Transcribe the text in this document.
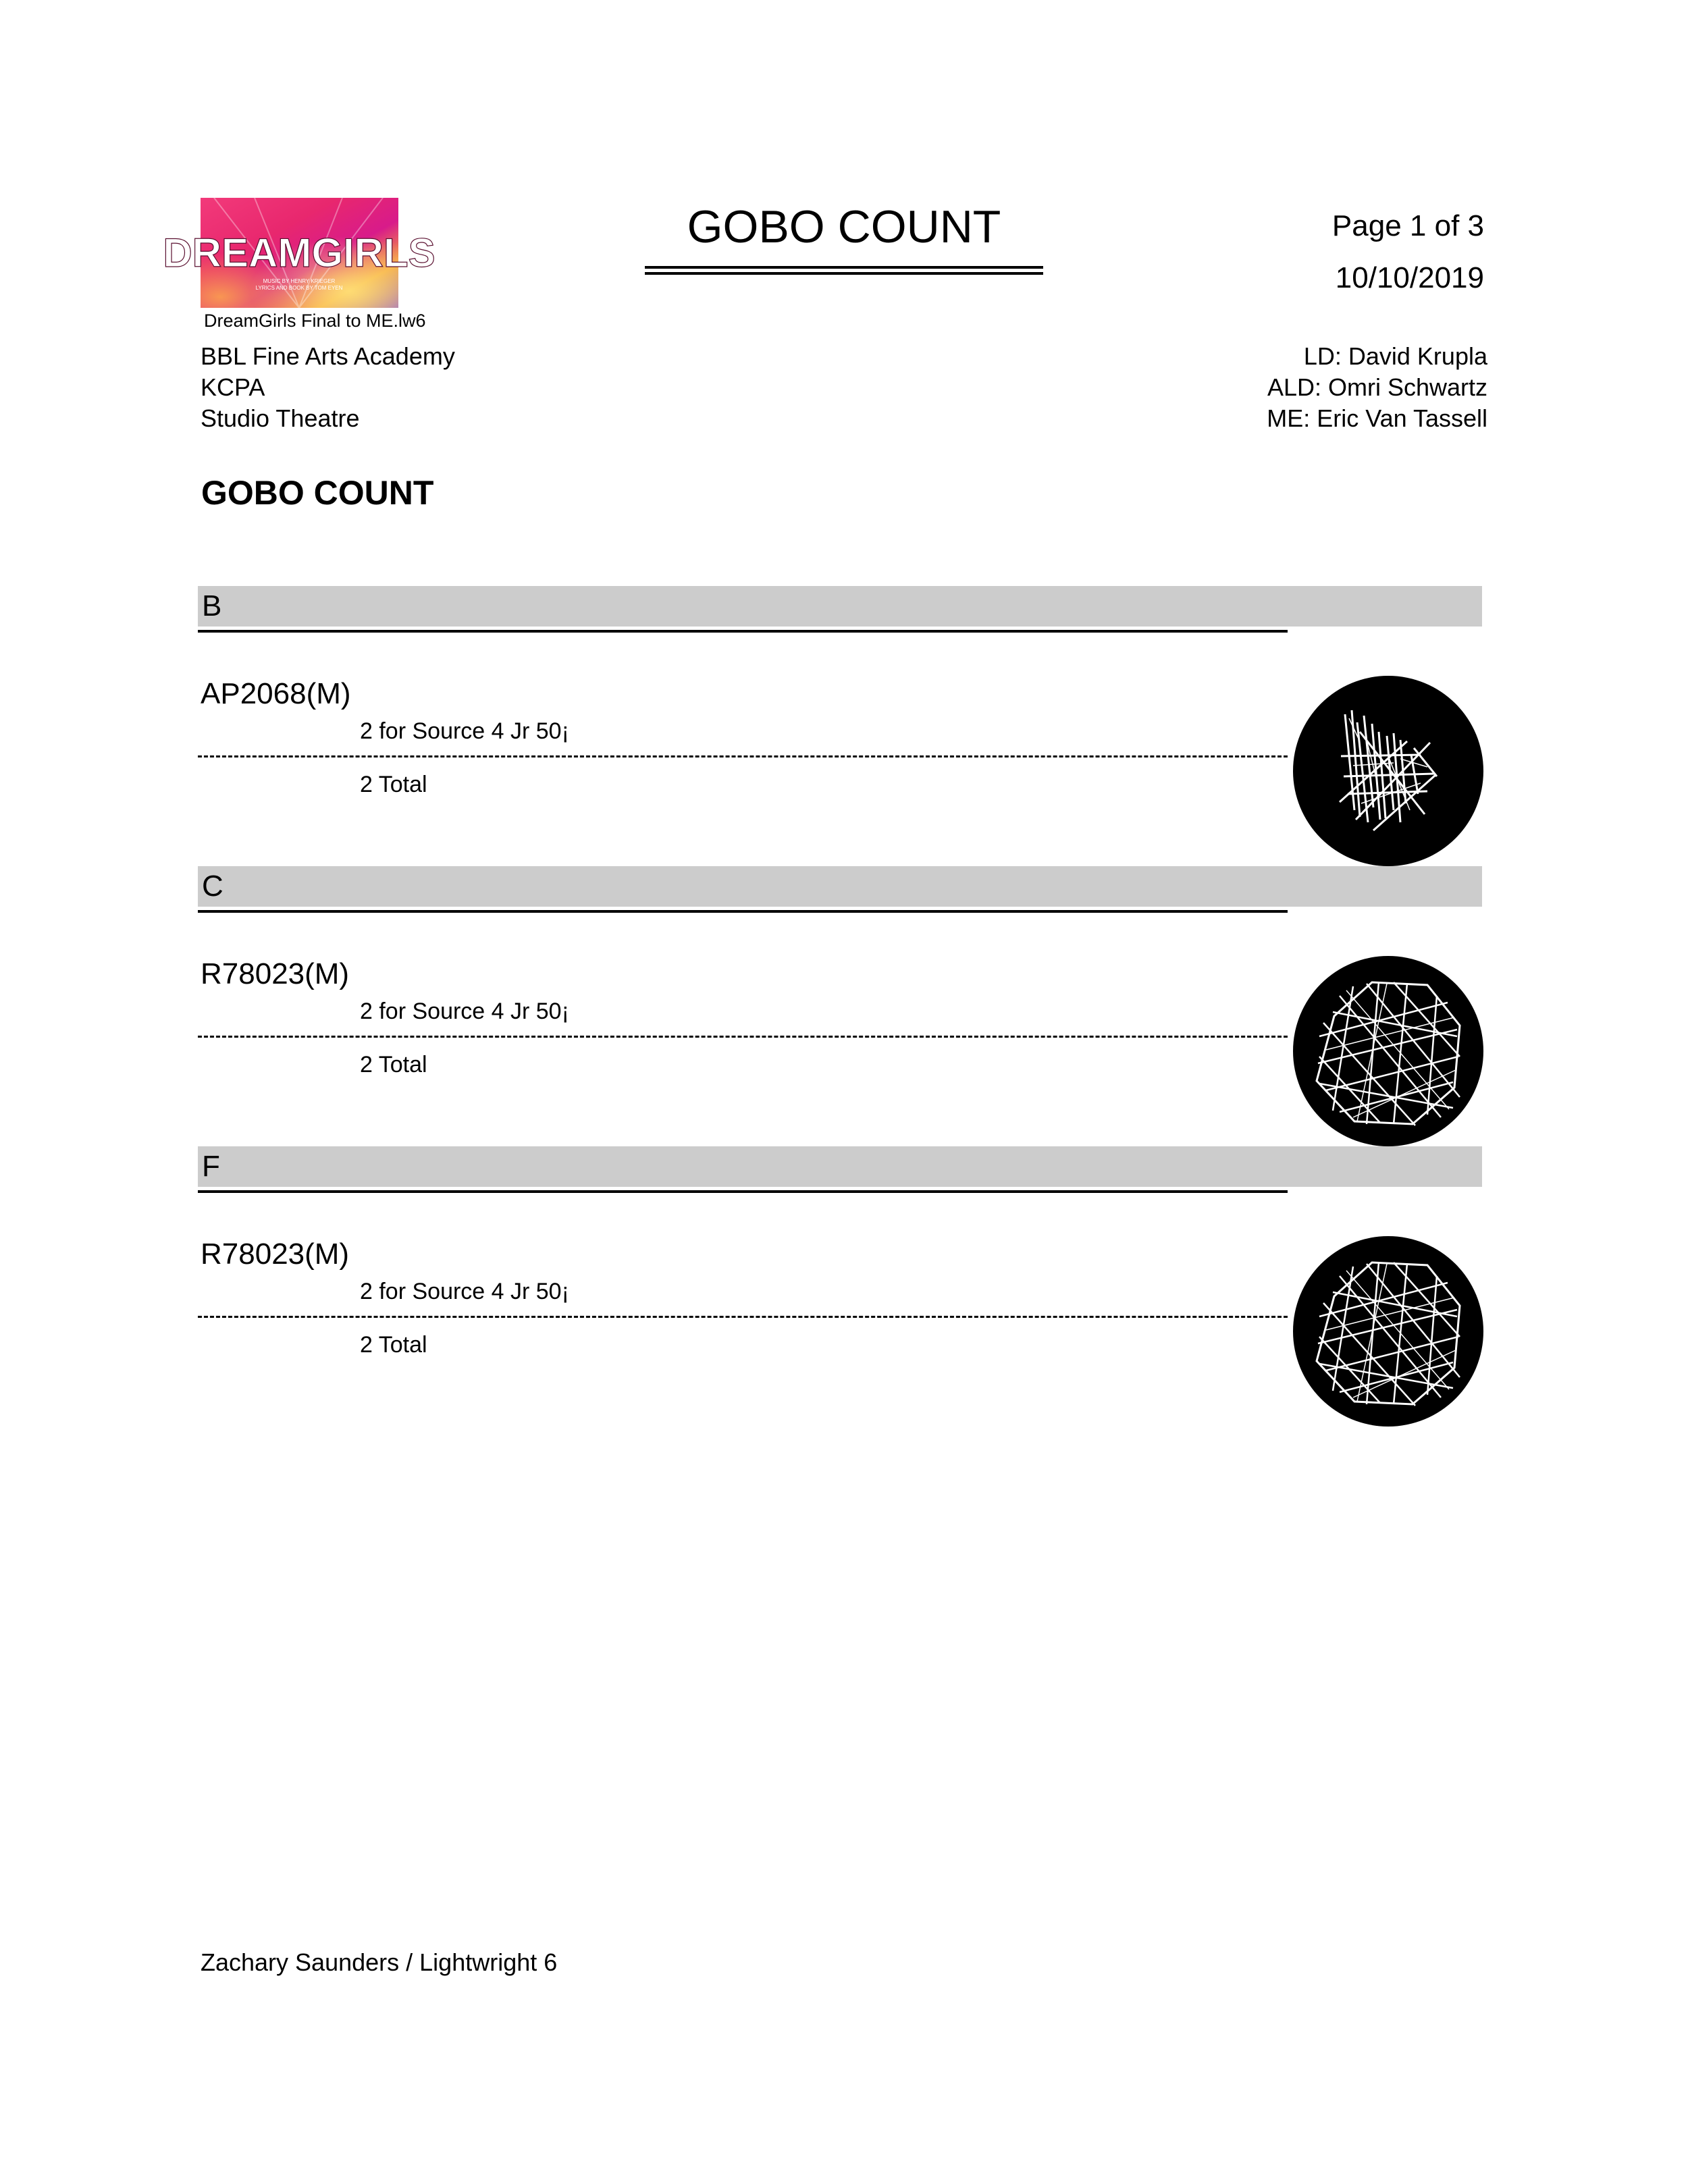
DREAMGIRLS
MUSIC BY HENRY KRIEGER
LYRICS AND BOOK BY TOM EYEN
DreamGirls Final to ME.lw6
GOBO COUNT	Page 1 of 3
10/10/2019
BBL Fine Arts Academy
KCPA
Studio Theatre
LD: David Krupla
ALD: Omri Schwartz
ME: Eric Van Tassell
GOBO COUNT
B
AP2068(M)
2 for Source 4 Jr 50¡
2 Total
C
R78023(M)
2 for Source 4 Jr 50¡
2 Total
F
R78023(M)
2 for Source 4 Jr 50¡
2 Total
Zachary Saunders / Lightwright 6
